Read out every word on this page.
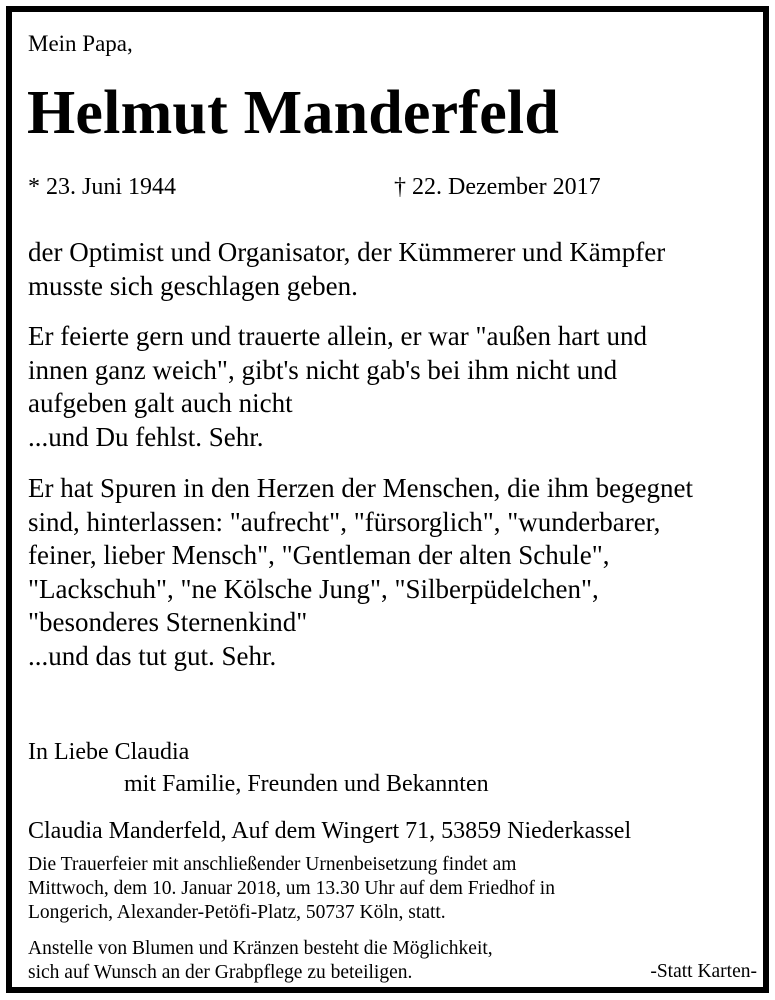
Mein Papa,
Helmut Manderfeld
* 23. Juni 1944	† 22. Dezember 2017
der Optimist und Organisator, der Kümmerer und Kämpfer
musste sich geschlagen geben.
Er feierte gern und trauerte allein, er war "außen hart und
innen ganz weich", gibt's nicht gab's bei ihm nicht und
aufgeben galt auch nicht
...und Du fehlst. Sehr.
Er hat Spuren in den Herzen der Menschen, die ihm begegnet
sind, hinterlassen: "aufrecht", "fürsorglich", "wunderbarer,
feiner, lieber Mensch", "Gentleman der alten Schule",
"Lackschuh", "ne Kölsche Jung", "Silberpüdelchen",
"besonderes Sternenkind"
...und das tut gut. Sehr.
In Liebe Claudia
mit Familie, Freunden und Bekannten
Claudia Manderfeld, Auf dem Wingert 71, 53859 Niederkassel
Die Trauerfeier mit anschließender Urnenbeisetzung findet am
Mittwoch, dem 10. Januar 2018, um 13.30 Uhr auf dem Friedhof in
Longerich, Alexander-Petöfi-Platz, 50737 Köln, statt.
Anstelle von Blumen und Kränzen besteht die Möglichkeit,
sich auf Wunsch an der Grabpflege zu beteiligen.	-Statt Karten-
